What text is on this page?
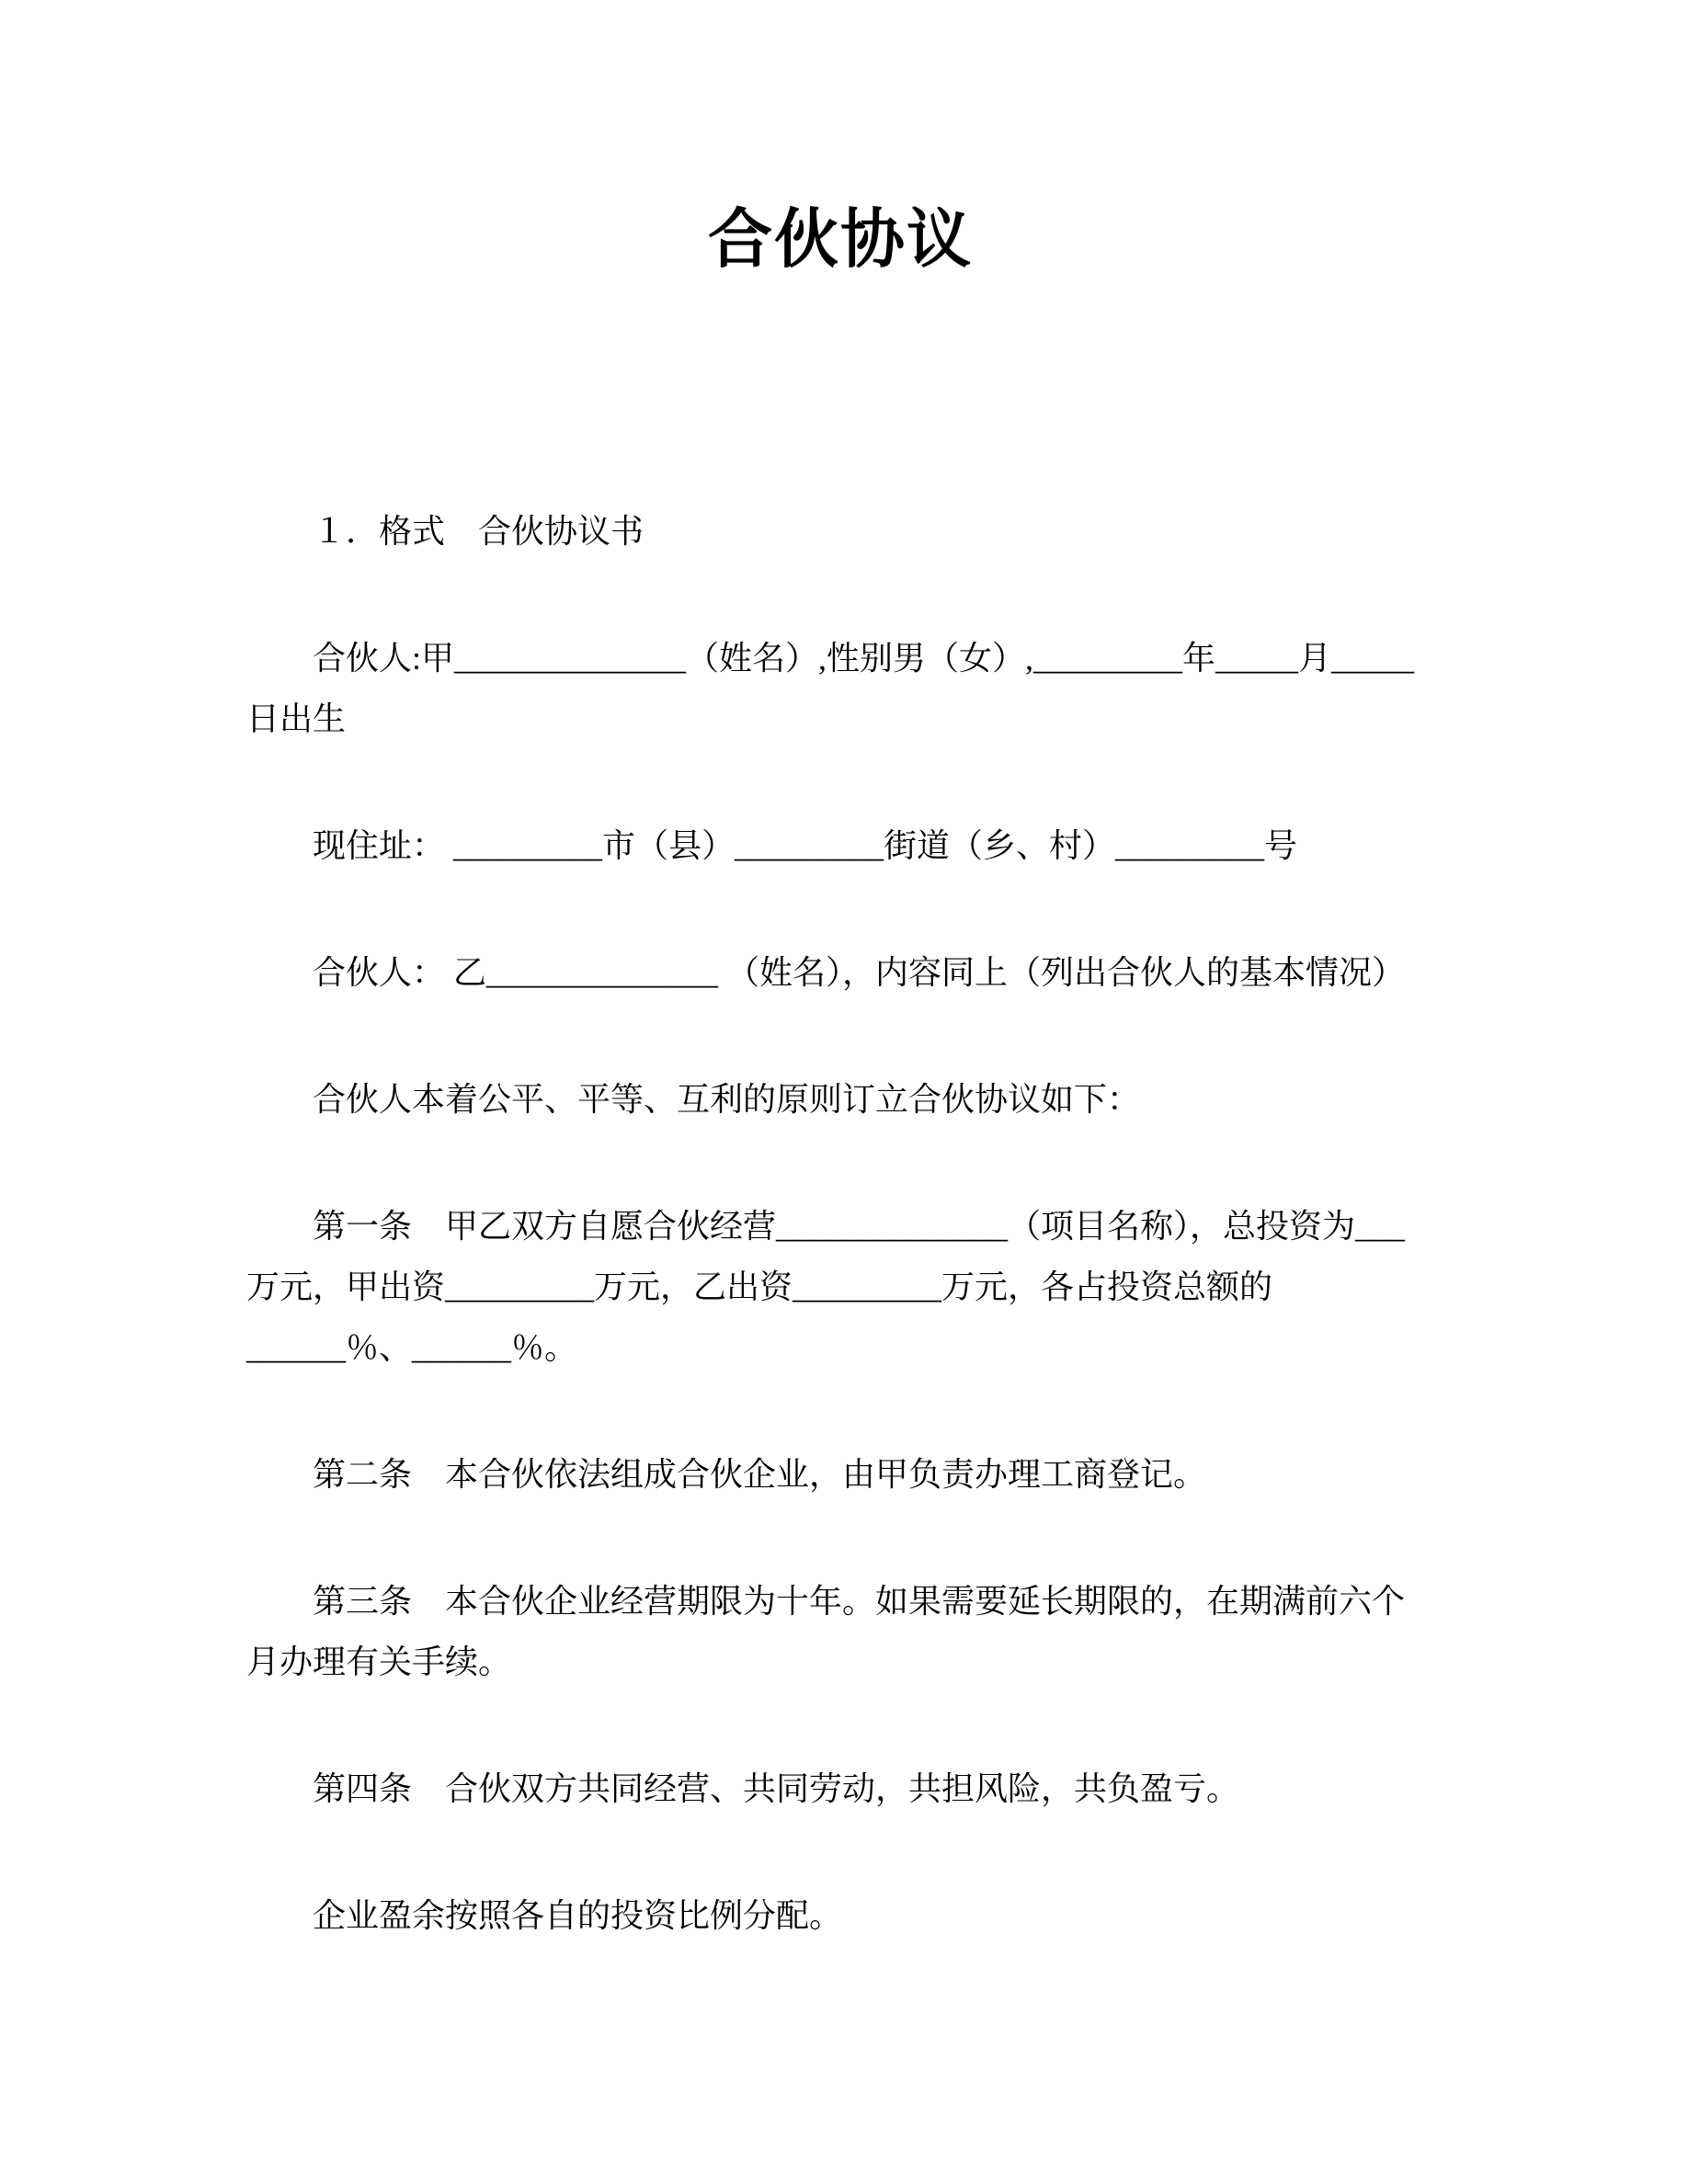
合伙协议

１．格式　合伙协议书

合伙人:甲______________（姓名）,性别男（女）,_________年_____月_____日出生

现住址： _________市（县）_________街道（乡、村）_________号

合伙人： 乙______________ （姓名），内容同上（列出合伙人的基本情况）

合伙人本着公平、平等、互利的原则订立合伙协议如下：

第一条　甲乙双方自愿合伙经营______________（项目名称），总投资为___万元，甲出资_________万元，乙出资_________万元，各占投资总额的______％、______％。

第二条　本合伙依法组成合伙企业，由甲负责办理工商登记。

第三条　本合伙企业经营期限为十年。如果需要延长期限的，在期满前六个月办理有关手续。

第四条　合伙双方共同经营、共同劳动，共担风险，共负盈亏。

企业盈余按照各自的投资比例分配。
